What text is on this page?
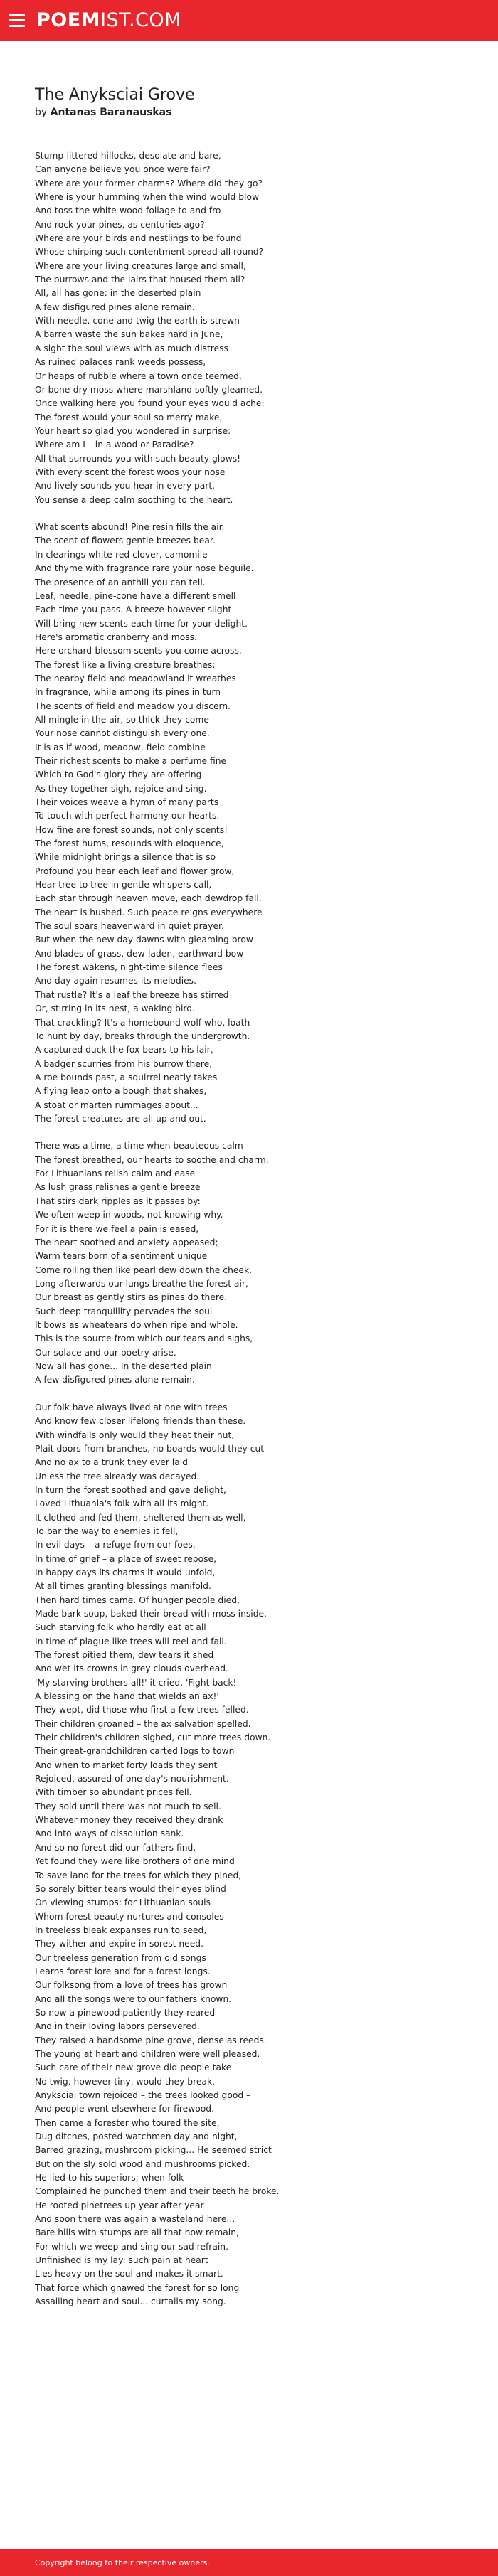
POEMIST.COM
The Anyksciai Grove
by Antanas Baranauskas
Stump-littered hillocks, desolate and bare,
Can anyone believe you once were fair?
Where are your former charms? Where did they go?
Where is your humming when the wind would blow
And toss the white-wood foliage to and fro
And rock your pines, as centuries ago?
Where are your birds and nestlings to be found
Whose chirping such contentment spread all round?
Where are your living creatures large and small,
The burrows and the lairs that housed them all?
All, all has gone: in the deserted plain
A few disfigured pines alone remain.
With needle, cone and twig the earth is strewn –
A barren waste the sun bakes hard in June,
A sight the soul views with as much distress
As ruined palaces rank weeds possess,
Or heaps of rubble where a town once teemed,
Or bone-dry moss where marshland softly gleamed.
Once walking here you found your eyes would ache:
The forest would your soul so merry make,
Your heart so glad you wondered in surprise:
Where am I – in a wood or Paradise?
All that surrounds you with such beauty glows!
With every scent the forest woos your nose
And lively sounds you hear in every part.
You sense a deep calm soothing to the heart.
What scents abound! Pine resin fills the air.
The scent of flowers gentle breezes bear.
In clearings white-red clover, camomile
And thyme with fragrance rare your nose beguile.
The presence of an anthill you can tell.
Leaf, needle, pine-cone have a different smell
Each time you pass. A breeze however slight
Will bring new scents each time for your delight.
Here's aromatic cranberry and moss.
Here orchard-blossom scents you come across.
The forest like a living creature breathes:
The nearby field and meadowland it wreathes
In fragrance, while among its pines in turn
The scents of field and meadow you discern.
All mingle in the air, so thick they come
Your nose cannot distinguish every one.
It is as if wood, meadow, field combine
Their richest scents to make a perfume fine
Which to God's glory they are offering
As they together sigh, rejoice and sing.
Their voices weave a hymn of many parts
To touch with perfect harmony our hearts.
How fine are forest sounds, not only scents!
The forest hums, resounds with eloquence,
While midnight brings a silence that is so
Profound you hear each leaf and flower grow,
Hear tree to tree in gentle whispers call,
Each star through heaven move, each dewdrop fall.
The heart is hushed. Such peace reigns everywhere
The soul soars heavenward in quiet prayer.
But when the new day dawns with gleaming brow
And blades of grass, dew-laden, earthward bow
The forest wakens, night-time silence flees
And day again resumes its melodies.
That rustle? It's a leaf the breeze has stirred
Or, stirring in its nest, a waking bird.
That crackling? It's a homebound wolf who, loath
To hunt by day, breaks through the undergrowth.
A captured duck the fox bears to his lair,
A badger scurries from his burrow there,
A roe bounds past, a squirrel neatly takes
A flying leap onto a bough that shakes,
A stoat or marten rummages about...
The forest creatures are all up and out.
There was a time, a time when beauteous calm
The forest breathed, our hearts to soothe and charm.
For Lithuanians relish calm and ease
As lush grass relishes a gentle breeze
That stirs dark ripples as it passes by:
We often weep in woods, not knowing why.
For it is there we feel a pain is eased,
The heart soothed and anxiety appeased;
Warm tears born of a sentiment unique
Come rolling then like pearl dew down the cheek.
Long afterwards our lungs breathe the forest air,
Our breast as gently stirs as pines do there.
Such deep tranquillity pervades the soul
It bows as wheatears do when ripe and whole.
This is the source from which our tears and sighs,
Our solace and our poetry arise.
Now all has gone... In the deserted plain
A few disfigured pines alone remain.
Our folk have always lived at one with trees
And know few closer lifelong friends than these.
With windfalls only would they heat their hut,
Plait doors from branches, no boards would they cut
And no ax to a trunk they ever laid
Unless the tree already was decayed.
In turn the forest soothed and gave delight,
Loved Lithuania's folk with all its might.
It clothed and fed them, sheltered them as well,
To bar the way to enemies it fell,
In evil days – a refuge from our foes,
In time of grief – a place of sweet repose,
In happy days its charms it would unfold,
At all times granting blessings manifold.
Then hard times came. Of hunger people died,
Made bark soup, baked their bread with moss inside.
Such starving folk who hardly eat at all
In time of plague like trees will reel and fall.
The forest pitied them, dew tears it shed
And wet its crowns in grey clouds overhead.
'My starving brothers all!' it cried. 'Fight back!
A blessing on the hand that wields an ax!'
They wept, did those who first a few trees felled.
Their children groaned – the ax salvation spelled.
Their children's children sighed, cut more trees down.
Their great-grandchildren carted logs to town
And when to market forty loads they sent
Rejoiced, assured of one day's nourishment.
With timber so abundant prices fell.
They sold until there was not much to sell.
Whatever money they received they drank
And into ways of dissolution sank.
And so no forest did our fathers find,
Yet found they were like brothers of one mind
To save land for the trees for which they pined,
So sorely bitter tears would their eyes blind
On viewing stumps: for Lithuanian souls
Whom forest beauty nurtures and consoles
In treeless bleak expanses run to seed,
They wither and expire in sorest need.
Our treeless generation from old songs
Learns forest lore and for a forest longs.
Our folksong from a love of trees has grown
And all the songs were to our fathers known.
So now a pinewood patiently they reared
And in their loving labors persevered.
They raised a handsome pine grove, dense as reeds.
The young at heart and children were well pleased.
Such care of their new grove did people take
No twig, however tiny, would they break.
Anyksciai town rejoiced – the trees looked good –
And people went elsewhere for firewood.
Then came a forester who toured the site,
Dug ditches, posted watchmen day and night,
Barred grazing, mushroom picking... He seemed strict
But on the sly sold wood and mushrooms picked.
He lied to his superiors; when folk
Complained he punched them and their teeth he broke.
He rooted pinetrees up year after year
And soon there was again a wasteland here...
Bare hills with stumps are all that now remain,
For which we weep and sing our sad refrain.
Unfinished is my lay: such pain at heart
Lies heavy on the soul and makes it smart.
That force which gnawed the forest for so long
Assailing heart and soul... curtails my song.
Copyright belong to their respective owners.
